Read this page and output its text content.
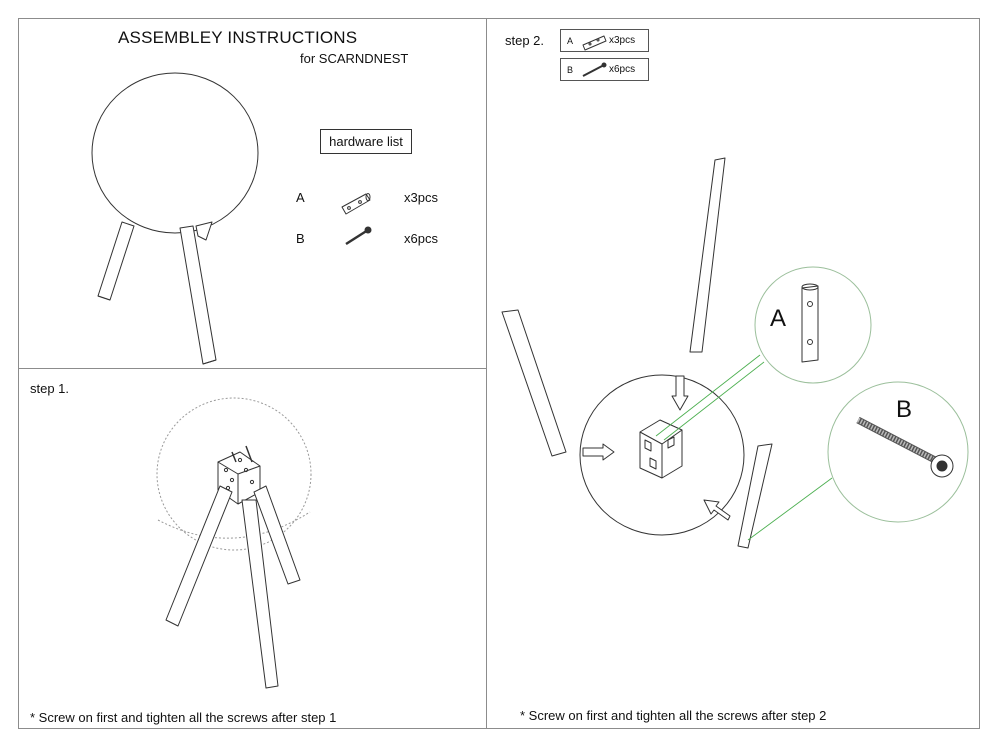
ASSEMBLEY INSTRUCTIONS
for SCARNDNEST
hardware list
A	x3pcs
B	x6pcs
step 1.
* Screw on first and tighten all the screws after step 1
step 2.	A	x3pcs
B	x6pcs
A
B
* Screw on first and tighten all the screws after step 2
